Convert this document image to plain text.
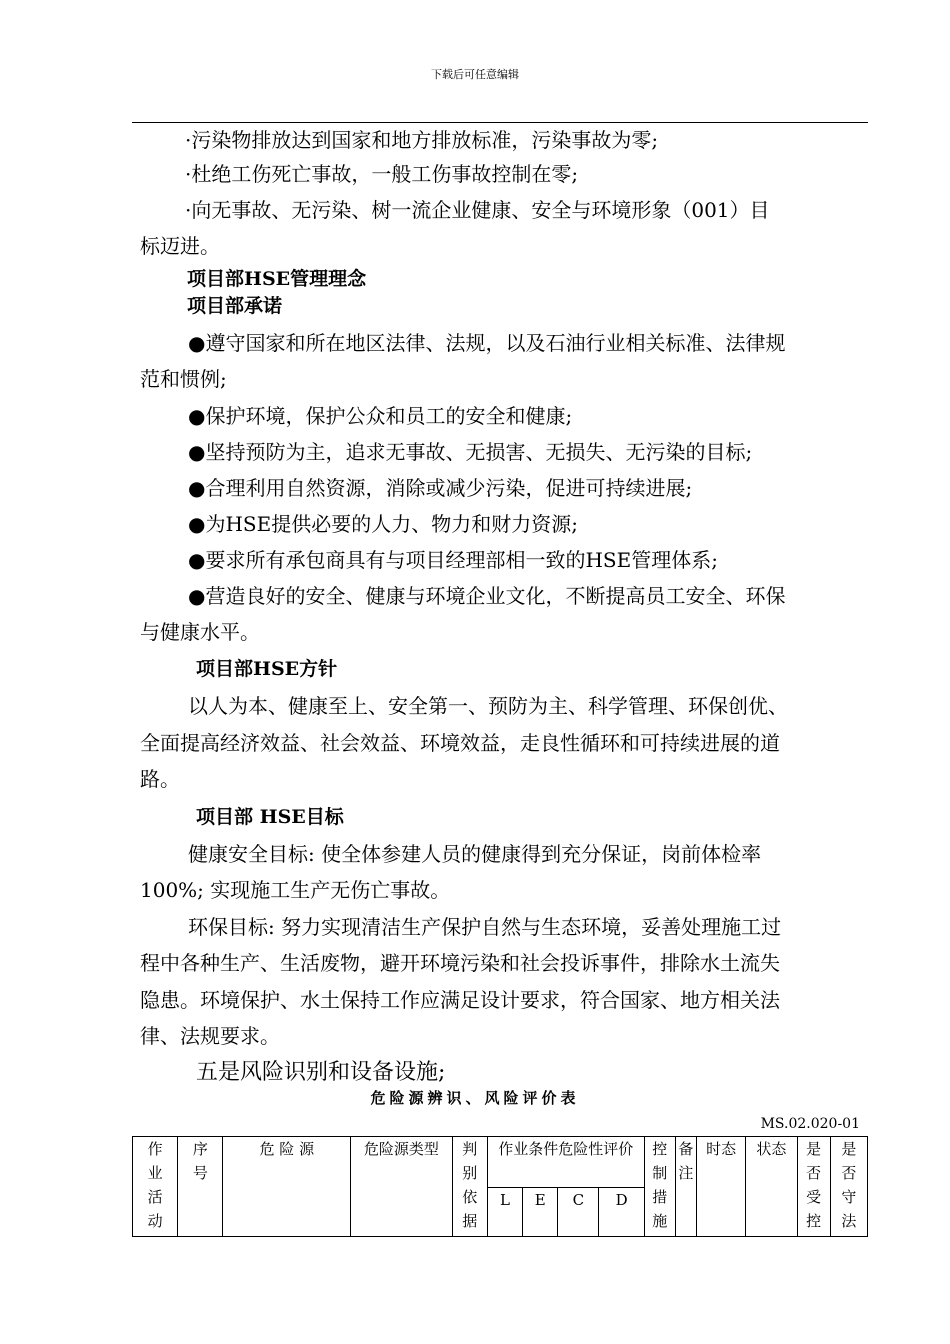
下载后可任意编辑
·污染物排放达到国家和地方排放标准，污染事故为零;
·杜绝工伤死亡事故，一般工伤事故控制在零;
·向无事故、无污染、树一流企业健康、安全与环境形象（001）目
标迈进。
项目部HSE管理理念
项目部承诺
●遵守国家和所在地区法律、法规，以及石油行业相关标准、法律规
范和惯例;
●保护环境，保护公众和员工的安全和健康;
●坚持预防为主，追求无事故、无损害、无损失、无污染的目标;
●合理利用自然资源，消除或减少污染，促进可持续进展;
●为HSE提供必要的人力、物力和财力资源;
●要求所有承包商具有与项目经理部相一致的HSE管理体系;
●营造良好的安全、健康与环境企业文化，不断提高员工安全、环保
与健康水平。
项目部HSE方针
以人为本、健康至上、安全第一、预防为主、科学管理、环保创优、
全面提高经济效益、社会效益、环境效益，走良性循环和可持续进展的道
路。
项目部 HSE目标
健康安全目标: 使全体参建人员的健康得到充分保证，岗前体检率
100%; 实现施工生产无伤亡事故。
环保目标: 努力实现清洁生产保护自然与生态环境，妥善处理施工过
程中各种生产、生活废物，避开环境污染和社会投诉事件，排除水土流失
隐患。环境保护、水土保持工作应满足设计要求，符合国家、地方相关法
律、法规要求。
五是风险识别和设备设施;
危险源辨识、风险评价表
MS.02.020-01
作业活动	序号	危 险 源	危险源类型	判别依据	作业条件危险性评价				控制措施	备注	时态	状态	是否受控	是否守法
					L	E	C	D						
